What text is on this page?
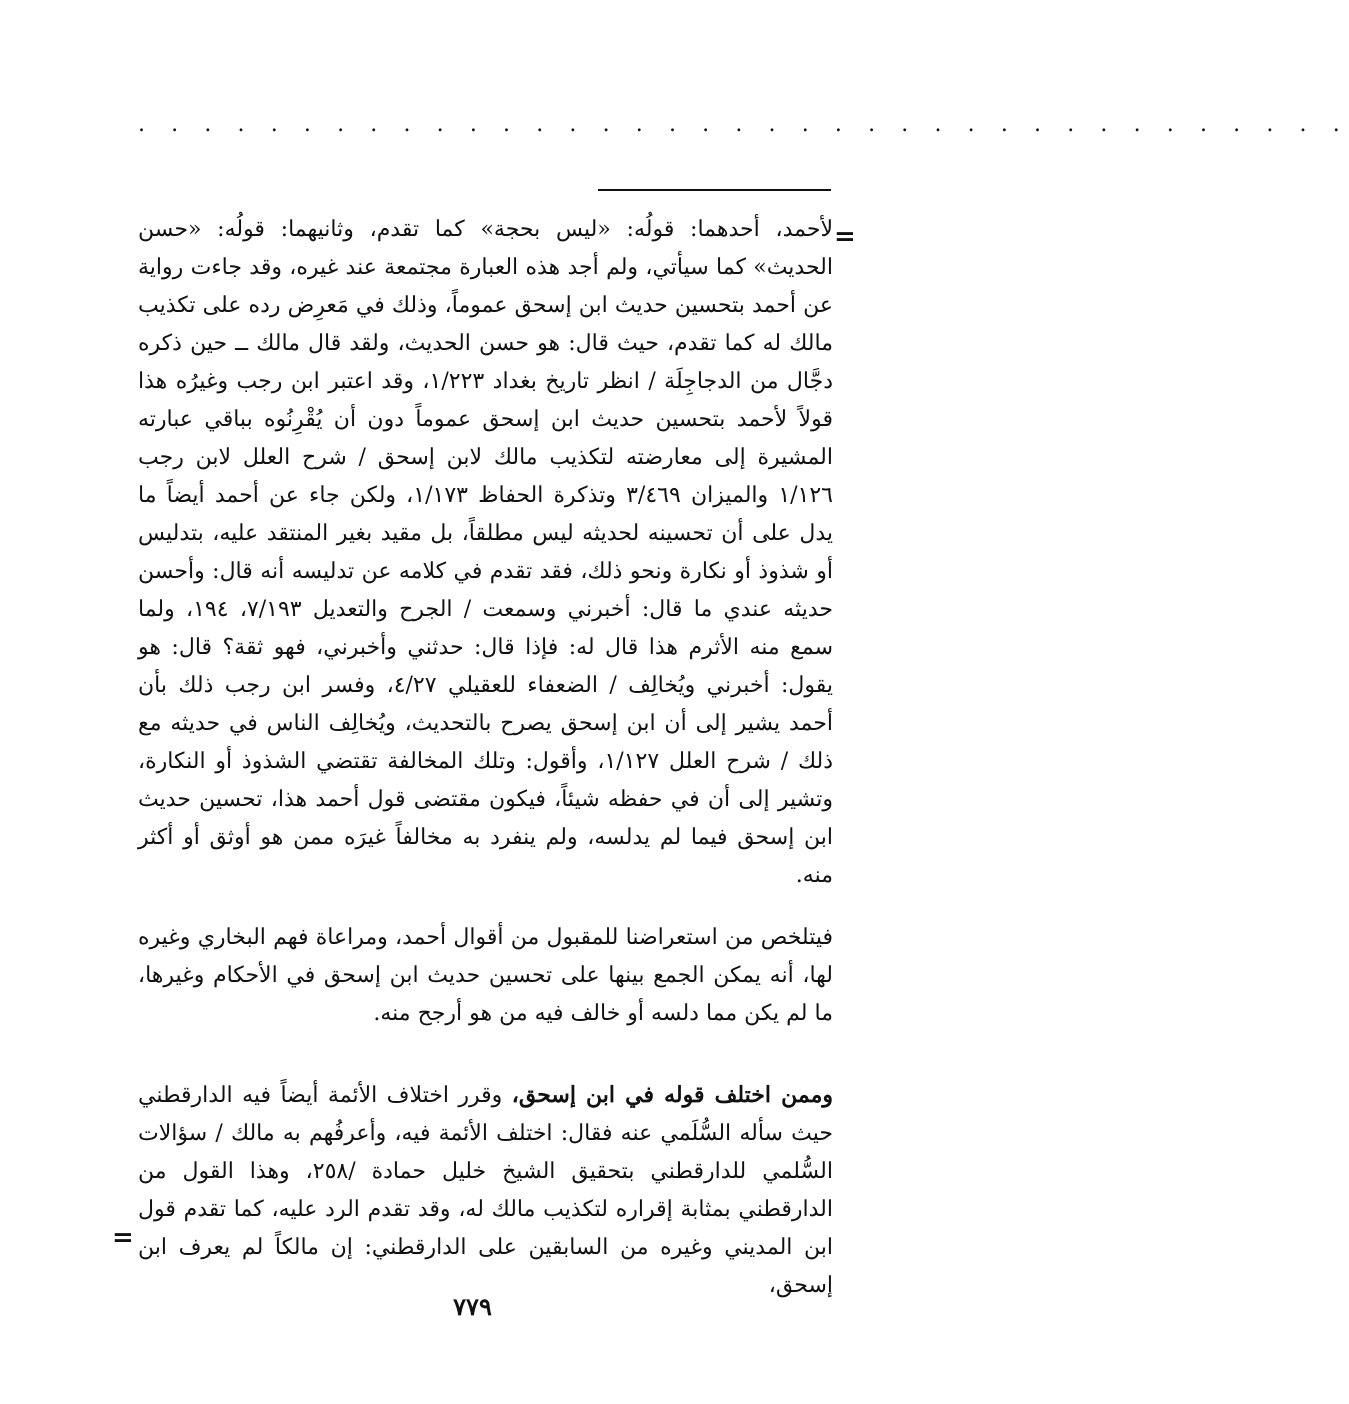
. . . . . . . . . . . . . . . . . . . . . . . . . . . . . . . . . . . . .
=

لأحمد، أحدهما: قولُه: «ليس بحجة» كما تقدم، وثانيهما: قولُه: «حسن الحديث» كما سيأتي، ولم أجد هذه العبارة مجتمعة عند غيره، وقد جاءت رواية عن أحمد بتحسين حديث ابن إسحق عموماً، وذلك في مَعرِض رده على تكذيب مالك له كما تقدم، حيث قال: هو حسن الحديث، ولقد قال مالك ــ حين ذكره دجَّال من الدجاجِلَة / انظر تاريخ بغداد ١/٢٢٣، وقد اعتبر ابن رجب وغيرُه هذا قولاً لأحمد بتحسين حديث ابن إسحق عموماً دون أن يُقْرِنُوه بباقي عبارته المشيرة إلى معارضته لتكذيب مالك لابن إسحق / شرح العلل لابن رجب ١/١٢٦ والميزان ٣/٤٦٩ وتذكرة الحفاظ ١/١٧٣، ولكن جاء عن أحمد أيضاً ما يدل على أن تحسينه لحديثه ليس مطلقاً، بل مقيد بغير المنتقد عليه، بتدليس أو شذوذ أو نكارة ونحو ذلك، فقد تقدم في كلامه عن تدليسه أنه قال: وأحسن حديثه عندي ما قال: أخبرني وسمعت / الجرح والتعديل ٧/١٩٣، ١٩٤، ولما سمع منه الأثرم هذا قال له: فإذا قال: حدثني وأخبرني، فهو ثقة؟ قال: هو يقول: أخبرني ويُخالِف / الضعفاء للعقيلي ٤/٢٧، وفسر ابن رجب ذلك بأن أحمد يشير إلى أن ابن إسحق يصرح بالتحديث، ويُخالِف الناس في حديثه مع ذلك / شرح العلل ١/١٢٧، وأقول: وتلك المخالفة تقتضي الشذوذ أو النكارة، وتشير إلى أن في حفظه شيئاً، فيكون مقتضى قول أحمد هذا، تحسين حديث ابن إسحق فيما لم يدلسه، ولم ينفرد به مخالفاً غيرَه ممن هو أوثق أو أكثر منه.

فيتلخص من استعراضنا للمقبول من أقوال أحمد، ومراعاة فهم البخاري وغيره لها، أنه يمكن الجمع بينها على تحسين حديث ابن إسحق في الأحكام وغيرها، ما لم يكن مما دلسه أو خالف فيه من هو أرجح منه.

وممن اختلف قوله في ابن إسحق، وقرر اختلاف الأئمة أيضاً فيه الدارقطني حيث سأله السُّلَمي عنه فقال: اختلف الأئمة فيه، وأعرفُهم به مالك / سؤالات السُّلمي للدارقطني بتحقيق الشيخ خليل حمادة /٢٥٨، وهذا القول من الدارقطني بمثابة إقراره لتكذيب مالك له، وقد تقدم الرد عليه، كما تقدم قول ابن المديني وغيره من السابقين على الدارقطني: إن مالكاً لم يعرف ابن إسحق،

=
٧٧٩
